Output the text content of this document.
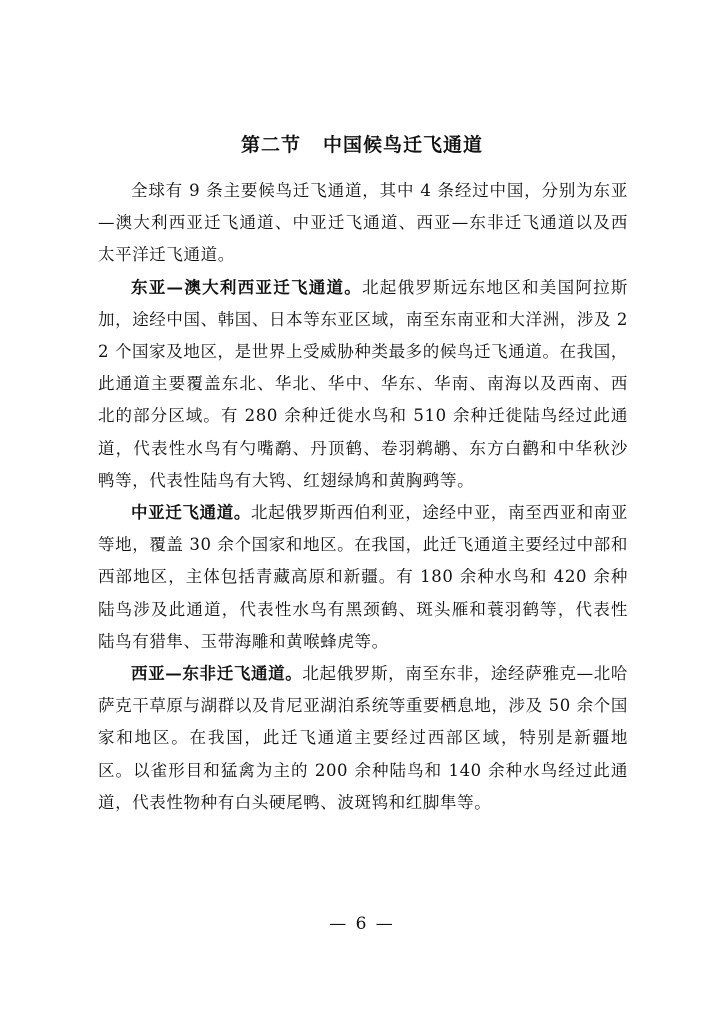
第二节 中国候鸟迁飞通道

全球有 9 条主要候鸟迁飞通道，其中 4 条经过中国，分别为东亚—澳大利西亚迁飞通道、中亚迁飞通道、西亚—东非迁飞通道以及西太平洋迁飞通道。

东亚—澳大利西亚迁飞通道。北起俄罗斯远东地区和美国阿拉斯加，途经中国、韩国、日本等东亚区域，南至东南亚和大洋洲，涉及 22 个国家及地区，是世界上受威胁种类最多的候鸟迁飞通道。在我国，此通道主要覆盖东北、华北、华中、华东、华南、南海以及西南、西北的部分区域。有 280 余种迁徙水鸟和 510 余种迁徙陆鸟经过此通道，代表性水鸟有勺嘴鹬、丹顶鹤、卷羽鹈鹕、东方白鹳和中华秋沙鸭等，代表性陆鸟有大鸨、红翅绿鸠和黄胸鹀等。

中亚迁飞通道。北起俄罗斯西伯利亚，途经中亚，南至西亚和南亚等地，覆盖 30 余个国家和地区。在我国，此迁飞通道主要经过中部和西部地区，主体包括青藏高原和新疆。有 180 余种水鸟和 420 余种陆鸟涉及此通道，代表性水鸟有黑颈鹤、斑头雁和蓑羽鹤等，代表性陆鸟有猎隼、玉带海雕和黄喉蜂虎等。

西亚—东非迁飞通道。北起俄罗斯，南至东非，途经萨雅克—北哈萨克干草原与湖群以及肯尼亚湖泊系统等重要栖息地，涉及 50 余个国家和地区。在我国，此迁飞通道主要经过西部区域，特别是新疆地区。以雀形目和猛禽为主的 200 余种陆鸟和 140 余种水鸟经过此通道，代表性物种有白头硬尾鸭、波斑鸨和红脚隼等。

— 6 —
